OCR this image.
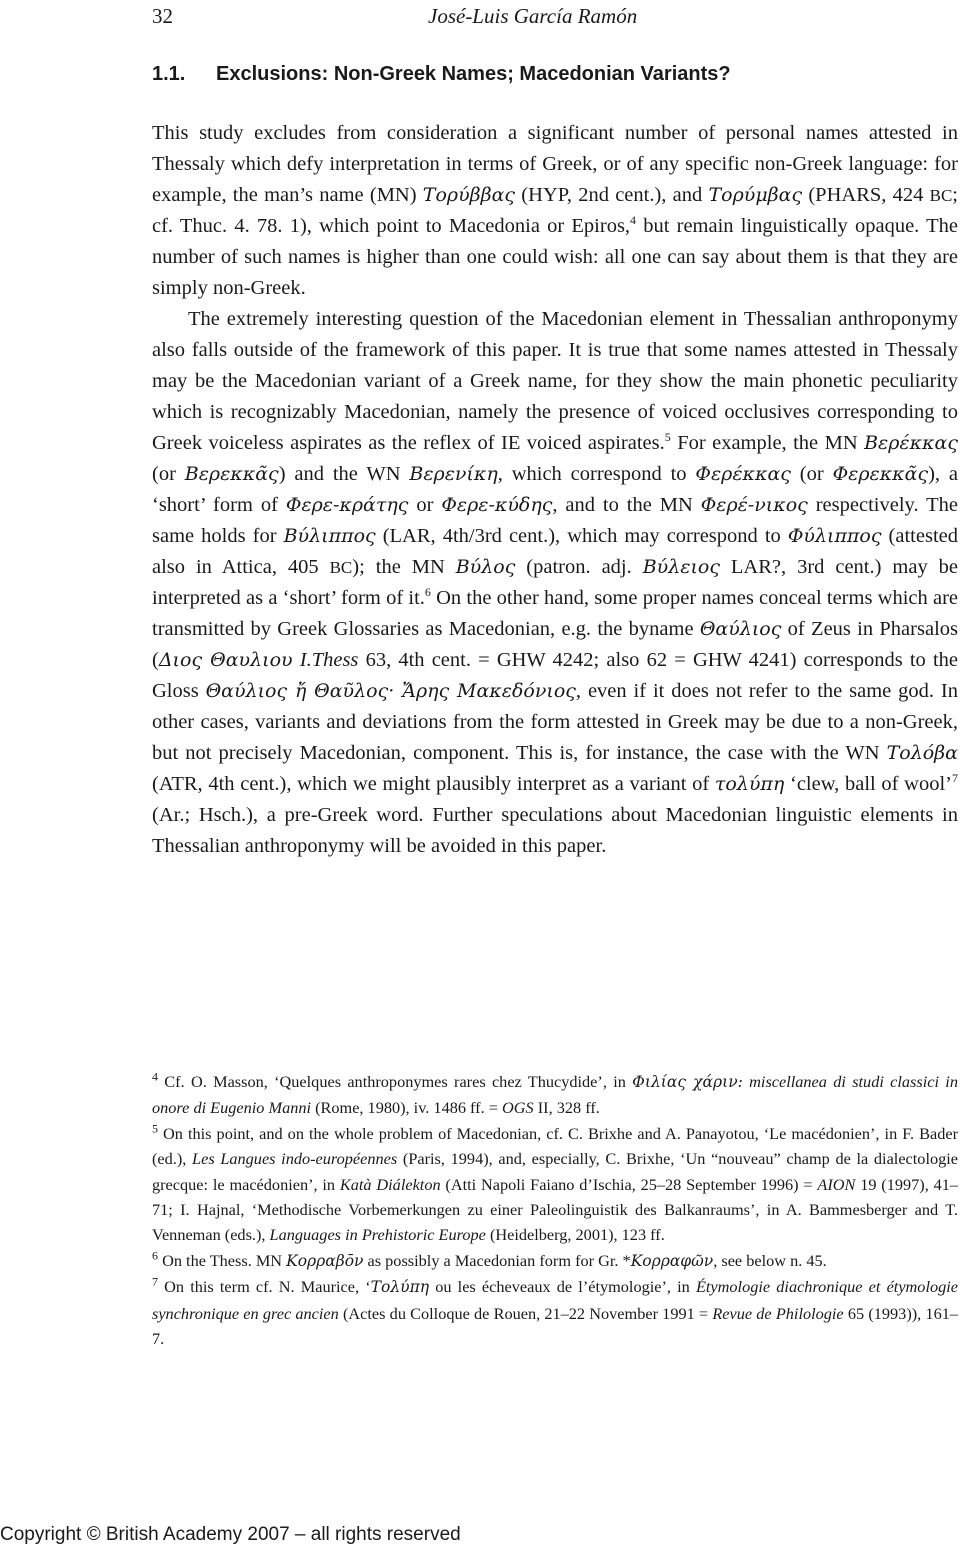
32	José-Luis García Ramón
1.1. Exclusions: Non-Greek Names; Macedonian Variants?

This study excludes from consideration a significant number of personal names attested in Thessaly which defy interpretation in terms of Greek, or of any specific non-Greek language: for example, the man’s name (MN) Τορύββας (HYP, 2nd cent.), and Τορύμβας (PHARS, 424 BC; cf. Thuc. 4. 78. 1), which point to Macedonia or Epiros,$^4$ but remain linguistically opaque. The number of such names is higher than one could wish: all one can say about them is that they are simply non-Greek.

The extremely interesting question of the Macedonian element in Thessalian anthroponymy also falls outside of the framework of this paper. It is true that some names attested in Thessaly may be the Macedonian variant of a Greek name, for they show the main phonetic peculiarity which is recognizably Macedonian, namely the presence of voiced occlusives corresponding to Greek voiceless aspirates as the reflex of IE voiced aspirates.$^5$ For example, the MN Βερέκκας (or Βερεκκᾶς) and the WN Βερενίκη, which correspond to Φερέκκας (or Φερεκκᾶς), a ‘short’ form of Φερε-κράτης or Φερε-κύδης, and to the MN Φερέ-νικος respectively. The same holds for Βύλιππος (LAR, 4th/3rd cent.), which may correspond to Φύλιππος (attested also in Attica, 405 BC); the MN Βύλος (patron. adj. Βύλειος LAR?, 3rd cent.) may be interpreted as a ‘short’ form of it.$^6$ On the other hand, some proper names conceal terms which are transmitted by Greek Glossaries as Macedonian, e.g. the byname Θαύλιος of Zeus in Pharsalos (Διος Θαυλιου I.Thess 63, 4th cent. = GHW 4242; also 62 = GHW 4241) corresponds to the Gloss Θαύλιος ἤ Θαῦλος· Ἄρης Μακεδόνιος, even if it does not refer to the same god. In other cases, variants and deviations from the form attested in Greek may be due to a non-Greek, but not precisely Macedonian, component. This is, for instance, the case with the WN Τολόβα (ATR, 4th cent.), which we might plausibly interpret as a variant of τολύπη ‘clew, ball of wool’$^7$ (Ar.; Hsch.), a pre-Greek word. Further speculations about Macedonian linguistic elements in Thessalian anthroponymy will be avoided in this paper.

$^4$ Cf. O. Masson, ‘Quelques anthroponymes rares chez Thucydide’, in Φιλίας χάριν: miscellanea di studi classici in onore di Eugenio Manni (Rome, 1980), iv. 1486 ff. = OGS II, 328 ff.

$^5$ On this point, and on the whole problem of Macedonian, cf. C. Brixhe and A. Panayotou, ‘Le macédonien’, in F. Bader (ed.), Les Langues indo-européennes (Paris, 1994), and, especially, C. Brixhe, ‘Un “nouveau” champ de la dialectologie grecque: le macédonien’, in Katà Diálekton (Atti Napoli Faiano d’Ischia, 25–28 September 1996) = AION 19 (1997), 41–71; I. Hajnal, ‘Methodische Vorbemerkungen zu einer Paleolinguistik des Balkanraums’, in A. Bammesberger and T. Venneman (eds.), Languages in Prehistoric Europe (Heidelberg, 2001), 123 ff.

$^6$ On the Thess. MN Κορραβōν as possibly a Macedonian form for Gr. *Κορραφῶν, see below n. 45.

$^7$ On this term cf. N. Maurice, ‘Τολύπη ou les écheveaux de l’étymologie’, in Étymologie diachronique et étymologie synchronique en grec ancien (Actes du Colloque de Rouen, 21–22 November 1991 = Revue de Philologie 65 (1993)), 161–7.

Copyright © British Academy 2007 – all rights reserved
